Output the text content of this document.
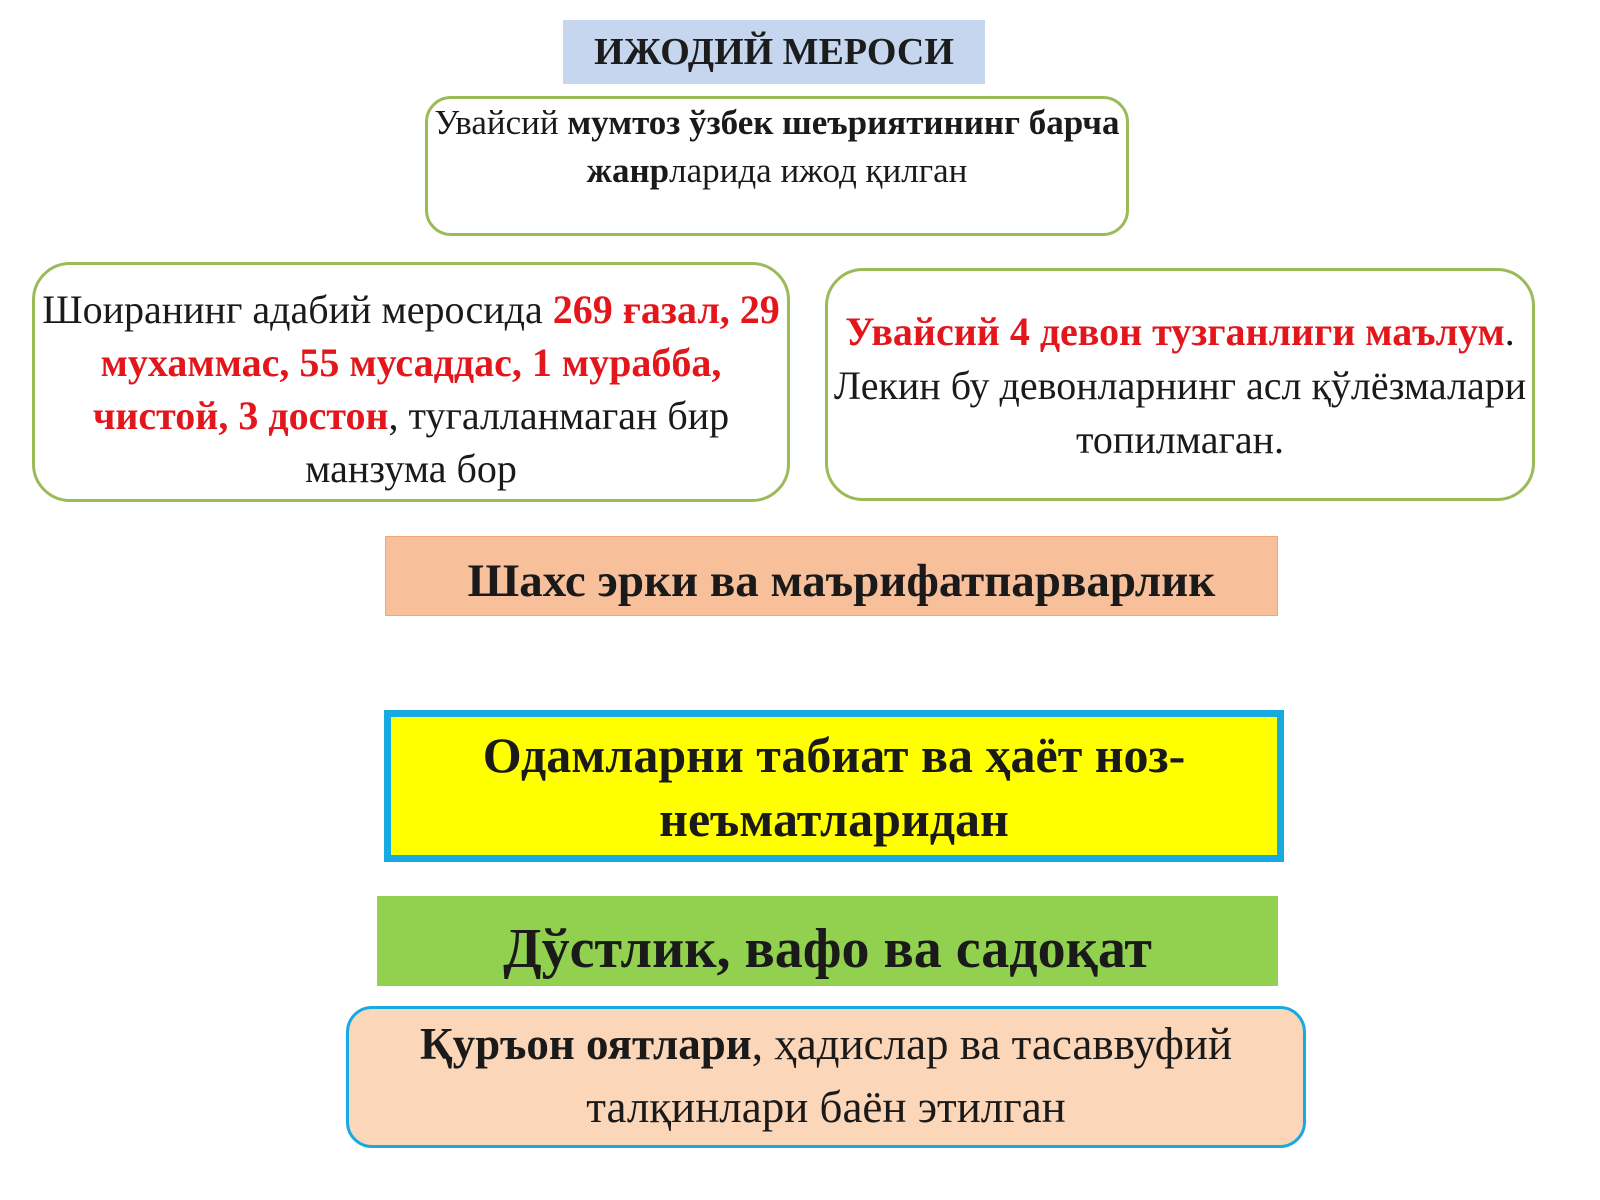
ИЖОДИЙ МЕРОСИ
Увайсий мумтоз ўзбек шеъриятининг барча жанрларида ижод қилган
Шоиранинг адабий меросида 269 ғазал, 29 мухаммас, 55 мусаддас, 1 мурабба, чистой, 3 достон, тугалланмаган бир манзума бор
Увайсий 4 девон тузганлиги маълум. Лекин бу девонларнинг асл қўлёзмалари топилмаган.
Шахс эрки ва маърифатпарварлик
Одамларни табиат ва ҳаёт ноз-неъматларидан
Дўстлик, вафо ва садоқат
Қуръон оятлари, ҳадислар ва тасаввуфий талқинлари баён этилган
